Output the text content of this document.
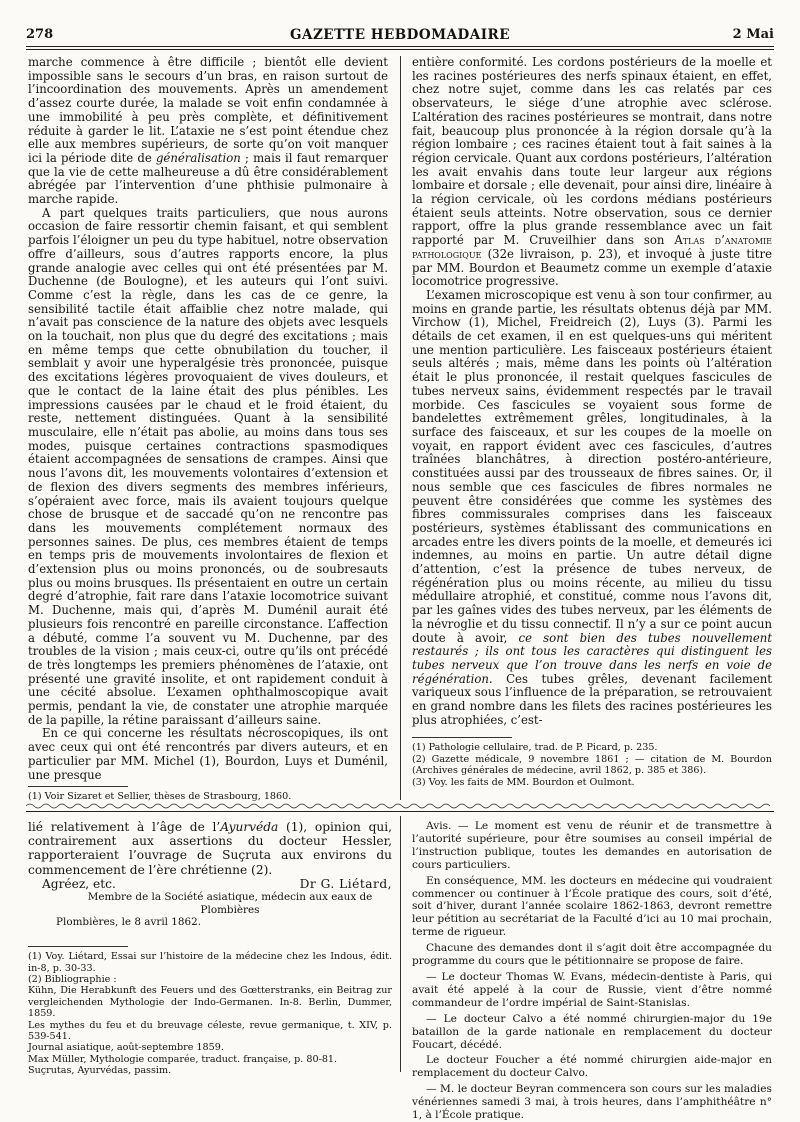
278	GAZETTE HEBDOMADAIRE	2 Mai

marche commence à être difficile ; bientôt elle devient impossible sans le secours d’un bras, en raison surtout de l’incoordination des mouvements. Après un amendement d’assez courte durée, la malade se voit enfin condamnée à une immobilité à peu près complète, et définitivement réduite à garder le lit. L’ataxie ne s’est point étendue chez elle aux membres supérieurs, de sorte qu’on voit manquer ici la période dite de généralisation ; mais il faut remarquer que la vie de cette malheureuse a dû être considérablement abrégée par l’intervention d’une phthisie pulmonaire à marche rapide.

A part quelques traits particuliers, que nous aurons occasion de faire ressortir chemin faisant, et qui semblent parfois l’éloigner un peu du type habituel, notre observation offre d’ailleurs, sous d’autres rapports encore, la plus grande analogie avec celles qui ont été présentées par M. Duchenne (de Boulogne), et les auteurs qui l’ont suivi. Comme c’est la règle, dans les cas de ce genre, la sensibilité tactile était affaiblie chez notre malade, qui n’avait pas conscience de la nature des objets avec lesquels on la touchait, non plus que du degré des excitations ; mais en même temps que cette obnubilation du toucher, il semblait y avoir une hyperalgésie très prononcée, puisque des excitations légères provoquaient de vives douleurs, et que le contact de la laine était des plus pénibles. Les impressions causées par le chaud et le froid étaient, du reste, nettement distinguées. Quant à la sensibilité musculaire, elle n’était pas abolie, au moins dans tous ses modes, puisque certaines contractions spasmodiques étaient accompagnées de sensations de crampes. Ainsi que nous l’avons dit, les mouvements volontaires d’extension et de flexion des divers segments des membres inférieurs, s’opéraient avec force, mais ils avaient toujours quelque chose de brusque et de saccadé qu’on ne rencontre pas dans les mouvements complétement normaux des personnes saines. De plus, ces membres étaient de temps en temps pris de mouvements involontaires de flexion et d’extension plus ou moins prononcés, ou de soubresauts plus ou moins brusques. Ils présentaient en outre un certain degré d’atrophie, fait rare dans l’ataxie locomotrice suivant M. Duchenne, mais qui, d’après M. Duménil aurait été plusieurs fois rencontré en pareille circonstance. L’affection a débuté, comme l’a souvent vu M. Duchenne, par des troubles de la vision ; mais ceux-ci, outre qu’ils ont précédé de très longtemps les premiers phénomènes de l’ataxie, ont présenté une gravité insolite, et ont rapidement conduit à une cécité absolue. L’examen ophthalmoscopique avait permis, pendant la vie, de constater une atrophie marquée de la papille, la rétine paraissant d’ailleurs saine.

En ce qui concerne les résultats nécroscopiques, ils ont avec ceux qui ont été rencontrés par divers auteurs, et en particulier par MM. Michel (1), Bourdon, Luys et Duménil, une presque

(1) Voir Sizaret et Sellier, thèses de Strasbourg, 1860.

entière conformité. Les cordons postérieurs de la moelle et les racines postérieures des nerfs spinaux étaient, en effet, chez notre sujet, comme dans les cas relatés par ces observateurs, le siége d’une atrophie avec sclérose. L’altération des racines postérieures se montrait, dans notre fait, beaucoup plus prononcée à la région dorsale qu’à la région lombaire ; ces racines étaient tout à fait saines à la région cervicale. Quant aux cordons postérieurs, l’altération les avait envahis dans toute leur largeur aux régions lombaire et dorsale ; elle devenait, pour ainsi dire, linéaire à la région cervicale, où les cordons médians postérieurs étaient seuls atteints. Notre observation, sous ce dernier rapport, offre la plus grande ressemblance avec un fait rapporté par M. Cruveilhier dans son Atlas d’anatomie pathologique (32e livraison, p. 23), et invoqué à juste titre par MM. Bourdon et Beaumetz comme un exemple d’ataxie locomotrice progressive.

L’examen microscopique est venu à son tour confirmer, au moins en grande partie, les résultats obtenus déjà par MM. Virchow (1), Michel, Freidreich (2), Luys (3). Parmi les détails de cet examen, il en est quelques-uns qui méritent une mention particulière. Les faisceaux postérieurs étaient seuls altérés ; mais, même dans les points où l’altération était le plus prononcée, il restait quelques fascicules de tubes nerveux sains, évidemment respectés par le travail morbide. Ces fascicules se voyaient sous forme de bandelettes extrêmement grêles, longitudinales, à la surface des faisceaux, et sur les coupes de la moelle on voyait, en rapport évident avec ces fascicules, d’autres traînées blanchâtres, à direction postéro-antérieure, constituées aussi par des trousseaux de fibres saines. Or, il nous semble que ces fascicules de fibres normales ne peuvent être considérées que comme les systèmes des fibres commissurales comprises dans les faisceaux postérieurs, systèmes établissant des communications en arcades entre les divers points de la moelle, et demeurés ici indemnes, au moins en partie. Un autre détail digne d’attention, c’est la présence de tubes nerveux, de régénération plus ou moins récente, au milieu du tissu médullaire atrophié, et constitué, comme nous l’avons dit, par les gaînes vides des tubes nerveux, par les éléments de la névroglie et du tissu connectif. Il n’y a sur ce point aucun doute à avoir, ce sont bien des tubes nouvellement restaurés ; ils ont tous les caractères qui distinguent les tubes nerveux que l’on trouve dans les nerfs en voie de régénération. Ces tubes grêles, devenant facilement variqueux sous l’influence de la préparation, se retrouvaient en grand nombre dans les filets des racines postérieures les plus atrophiées, c’est-

(1) Pathologie cellulaire, trad. de P. Picard, p. 235.

(2) Gazette médicale, 9 novembre 1861 ; — citation de M. Bourdon (Archives générales de médecine, avril 1862, p. 385 et 386).

(3) Voy. les faits de MM. Bourdon et Oulmont.

lié relativement à l’âge de l’Ayurvéda (1), opinion qui, contrairement aux assertions du docteur Hessler, rapporteraient l’ouvrage de Suçruta aux environs du commencement de l’ère chrétienne (2).

Agréez, etc.	Dr G. Liétard,

Membre de la Société asiatique, médecin aux eaux de Plombières

Plombières, le 8 avril 1862.

(1) Voy. Liétard, Essai sur l’histoire de la médecine chez les Indous, édit. in-8, p. 30-33.

(2) Bibliographie :

Kühn, Die Herabkunft des Feuers und des Gœtterstranks, ein Beitrag zur vergleichenden Mythologie der Indo-Germanen. In-8. Berlin, Dummer, 1859.

Les mythes du feu et du breuvage céleste, revue germanique, t. XIV, p. 539-541.

Journal asiatique, août-septembre 1859.

Max Müller, Mythologie comparée, traduct. française, p. 80-81.

Suçrutas, Ayurvédas, passim.

Avis. — Le moment est venu de réunir et de transmettre à l’autorité supérieure, pour être soumises au conseil impérial de l’instruction publique, toutes les demandes en autorisation de cours particuliers.

En conséquence, MM. les docteurs en médecine qui voudraient commencer ou continuer à l’École pratique des cours, soit d’été, soit d’hiver, durant l’année scolaire 1862-1863, devront remettre leur pétition au secrétariat de la Faculté d’ici au 10 mai prochain, terme de rigueur.

Chacune des demandes dont il s’agit doit être accompagnée du programme du cours que le pétitionnaire se propose de faire.

— Le docteur Thomas W. Evans, médecin-dentiste à Paris, qui avait été appelé à la cour de Russie, vient d’être nommé commandeur de l’ordre impérial de Saint-Stanislas.

— Le docteur Calvo a été nommé chirurgien-major du 19e bataillon de la garde nationale en remplacement du docteur Foucart, décédé.

Le docteur Foucher a été nommé chirurgien aide-major en remplacement du docteur Calvo.

— M. le docteur Beyran commencera son cours sur les maladies vénériennes samedi 3 mai, à trois heures, dans l’amphithéâtre n° 1, à l’École pratique.
